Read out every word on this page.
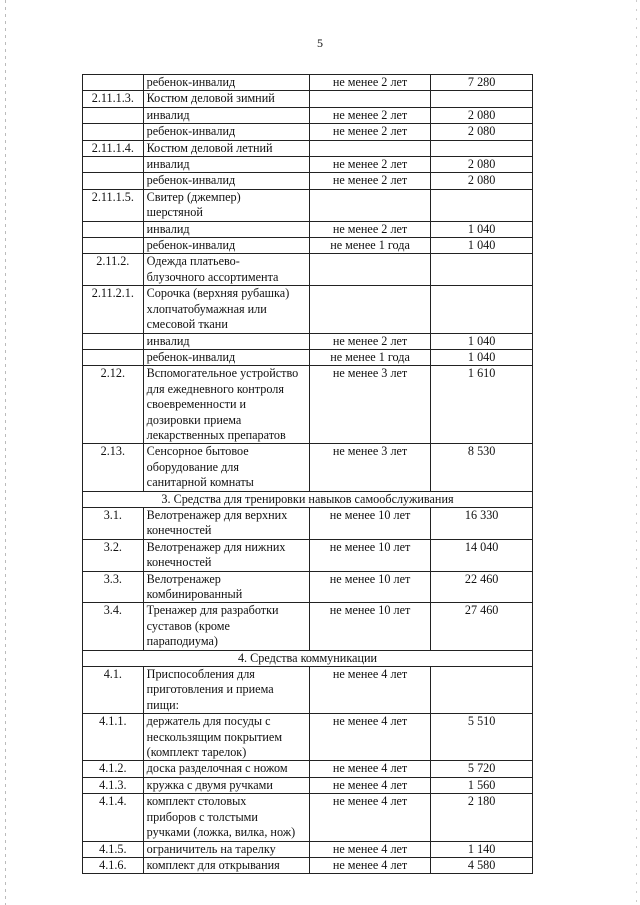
5
	ребенок-инвалид	не менее 2 лет	7 280
2.11.1.3.	Костюм деловой зимний		
	инвалид	не менее 2 лет	2 080
	ребенок-инвалид	не менее 2 лет	2 080
2.11.1.4.	Костюм деловой летний		
	инвалид	не менее 2 лет	2 080
	ребенок-инвалид	не менее 2 лет	2 080
2.11.1.5.	Свитер (джемпер)
шерстяной		
	инвалид	не менее 2 лет	1 040
	ребенок-инвалид	не менее 1 года	1 040
2.11.2.	Одежда платьево-
блузочного ассортимента		
2.11.2.1.	Сорочка (верхняя рубашка)
хлопчатобумажная или
смесовой ткани		
	инвалид	не менее 2 лет	1 040
	ребенок-инвалид	не менее 1 года	1 040
2.12.	Вспомогательное устройство
для ежедневного контроля
своевременности и
дозировки приема
лекарственных препаратов	не менее 3 лет	1 610
2.13.	Сенсорное бытовое
оборудование для
санитарной комнаты	не менее 3 лет	8 530
3. Средства для тренировки навыков самообслуживания			
3.1.	Велотренажер для верхних
конечностей	не менее 10 лет	16 330
3.2.	Велотренажер для нижних
конечностей	не менее 10 лет	14 040
3.3.	Велотренажер
комбинированный	не менее 10 лет	22 460
3.4.	Тренажер для разработки
суставов (кроме
параподиума)	не менее 10 лет	27 460
4. Средства коммуникации			
4.1.	Приспособления для
приготовления и приема
пищи:	не менее 4 лет	
4.1.1.	держатель для посуды с
нескользящим покрытием
(комплект тарелок)	не менее 4 лет	5 510
4.1.2.	доска разделочная с ножом	не менее 4 лет	5 720
4.1.3.	кружка с двумя ручками	не менее 4 лет	1 560
4.1.4.	комплект столовых
приборов с толстыми
ручками (ложка, вилка, нож)	не менее 4 лет	2 180
4.1.5.	ограничитель на тарелку	не менее 4 лет	1 140
4.1.6.	комплект для открывания	не менее 4 лет	4 580
